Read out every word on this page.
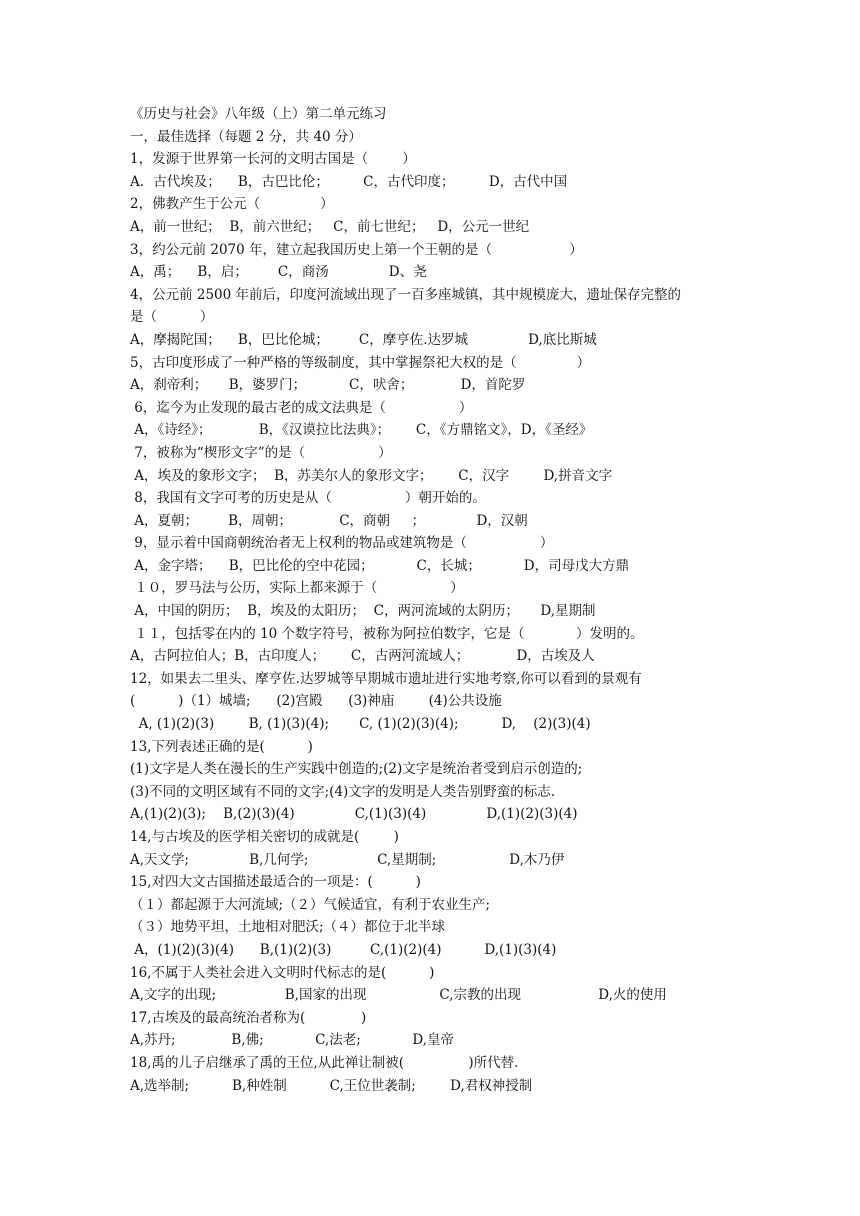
《历史与社会》八年级（上）第二单元练习
一，最佳选择（每题 2 分，共 40 分）
1，发源于世界第一长河的文明古国是（        ）
A．古代埃及；    B，古巴比伦；        C，古代印度；        D，古代中国
2，佛教产生于公元（              ）
A，前一世纪；  B，前六世纪；   C，前七世纪；   D，公元一世纪
3，约公元前 2070 年，建立起我国历史上第一个王朝的是（                  ）
A，禹；    B，启；       C，商汤              D、尧
4，公元前 2500 年前后，印度河流域出现了一百多座城镇，其中规模庞大，遗址保存完整的
是（          ）
A，摩揭陀国；    B，巴比伦城；       C，摩亨佐.达罗城              D,底比斯城
5，古印度形成了一种严格的等级制度，其中掌握祭祀大权的是（              ）
A，刹帝利；     B，婆罗门；          C，吠舍；           D，首陀罗
6，迄今为止发现的最古老的成文法典是（                 ）
A，《诗经》；           B，《汉谟拉比法典》；      C，《方鼎铭文》，D，《圣经》
7，被称为“楔形文字”的是（                 ）
A，埃及的象形文字；  B，苏美尔人的象形文字；      C，汉字        D,拼音文字
8，我国有文字可考的历史是从（                 ）朝开始的。
A，夏朝；       B，周朝；           C，商朝     ；            D，汉朝
9，显示着中国商朝统治者无上权利的物品或建筑物是（                 ）
A，金字塔；    B，巴比伦的空中花园；          C，长城；          D，司母戊大方鼎
１０，罗马法与公历，实际上都来源于（                 ）
A，中国的阴历；  B，埃及的太阳历；  C，两河流域的太阴历；     D,星期制
１１，包括零在内的 10 个数字符号，被称为阿拉伯数字，它是（            ）发明的。
A，古阿拉伯人；B，古印度人；      C，古两河流域人；           D，古埃及人
12，如果去二里头、摩亨佐.达罗城等早期城市遗址进行实地考察,你可以看到的景观有
(          )（1）城墙;      (2)宫殿      (3)神庙        (4)公共设施
A, (1)(2)(3)        B, (1)(3)(4);       C, (1)(2)(3)(4);          D,    (2)(3)(4)
13,下列表述正确的是(          )
(1)文字是人类在漫长的生产实践中创造的;(2)文字是统治者受到启示创造的;
(3)不同的文明区域有不同的文字;(4)文字的发明是人类告别野蛮的标志.
A,(1)(2)(3);    B,(2)(3)(4)              C,(1)(3)(4)              D,(1)(2)(3)(4)
14,与古埃及的医学相关密切的成就是(        )
A,天文学;              B,几何学;                C,星期制;                 D,木乃伊
15,对四大文古国描述最适合的一项是：(          )
（１）都起源于大河流域;（２）气候适宜，有利于农业生产;
（３）地势平坦，土地相对肥沃;（４）都位于北半球
A，(1)(2)(3)(4)      B,(1)(2)(3)         C,(1)(2)(4)          D,(1)(3)(4)
16,不属于人类社会进入文明时代标志的是(          )
A,文字的出现;                B,国家的出现                 C,宗教的出现                  D,火的使用
17,古埃及的最高统治者称为(             )
A,苏丹;             B,佛;            C,法老;            D,皇帝
18,禹的儿子启继承了禹的王位,从此禅让制被(               )所代替.
A,选举制;          B,种姓制          C,王位世袭制;        D,君权神授制
